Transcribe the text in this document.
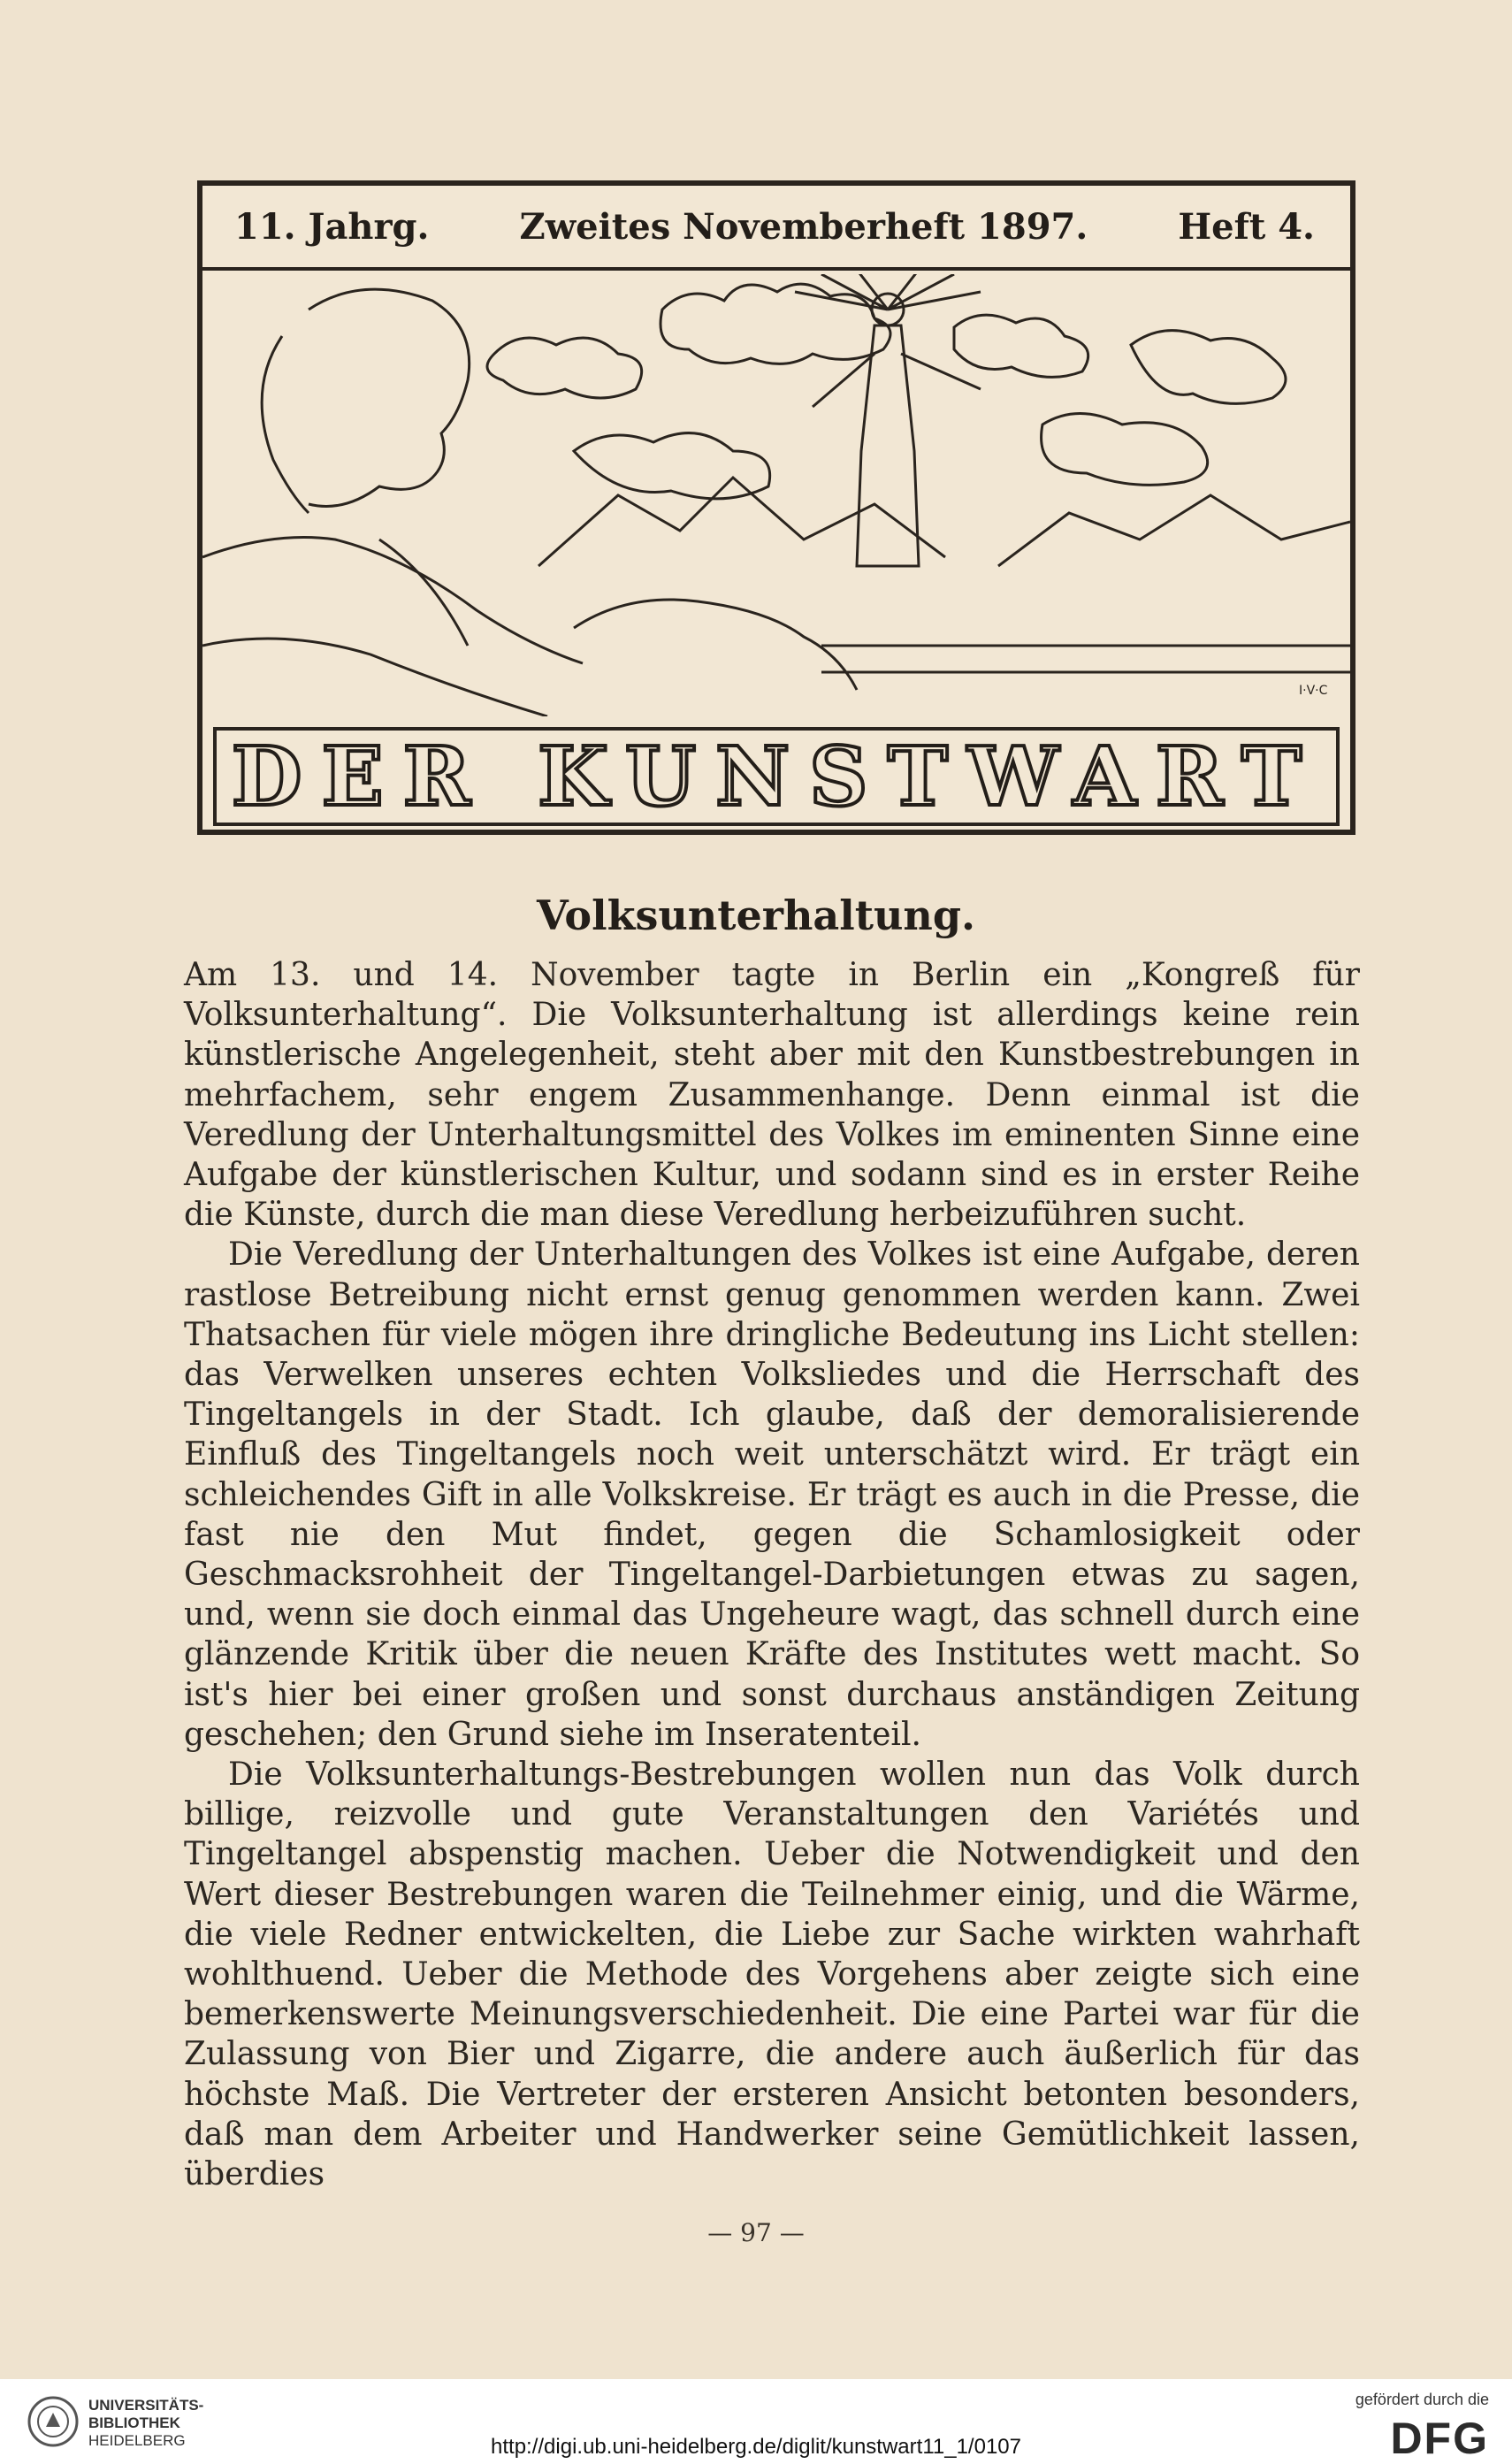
11. Jahrg.	Zweites Novemberheft 1897.	Heft 4.
I·V·C
DER KUNSTWART
Volksunterhaltung.

Am 13. und 14. November tagte in Berlin ein „Kongreß für Volksunterhaltung“. Die Volksunterhaltung ist allerdings keine rein künstlerische Angelegenheit, steht aber mit den Kunstbestrebungen in mehrfachem, sehr engem Zusammenhange. Denn einmal ist die Veredlung der Unterhaltungsmittel des Volkes im eminenten Sinne eine Aufgabe der künstlerischen Kultur, und sodann sind es in erster Reihe die Künste, durch die man diese Veredlung herbeizuführen sucht.

Die Veredlung der Unterhaltungen des Volkes ist eine Aufgabe, deren rastlose Betreibung nicht ernst genug genommen werden kann. Zwei Thatsachen für viele mögen ihre dringliche Bedeutung ins Licht stellen: das Verwelken unseres echten Volksliedes und die Herrschaft des Tingeltangels in der Stadt. Ich glaube, daß der demoralisierende Einfluß des Tingeltangels noch weit unterschätzt wird. Er trägt ein schleichendes Gift in alle Volkskreise. Er trägt es auch in die Presse, die fast nie den Mut findet, gegen die Schamlosigkeit oder Geschmacksrohheit der Tingeltangel-Darbietungen etwas zu sagen, und, wenn sie doch einmal das Ungeheure wagt, das schnell durch eine glänzende Kritik über die neuen Kräfte des Institutes wett macht. So ist's hier bei einer großen und sonst durchaus anständigen Zeitung geschehen; den Grund siehe im Inseratenteil.

Die Volksunterhaltungs-Bestrebungen wollen nun das Volk durch billige, reizvolle und gute Veranstaltungen den Variétés und Tingeltangel abspenstig machen. Ueber die Notwendigkeit und den Wert dieser Bestrebungen waren die Teilnehmer einig, und die Wärme, die viele Redner entwickelten, die Liebe zur Sache wirkten wahrhaft wohlthuend. Ueber die Methode des Vorgehens aber zeigte sich eine bemerkenswerte Meinungsverschiedenheit. Die eine Partei war für die Zulassung von Bier und Zigarre, die andere auch äußerlich für das höchste Maß. Die Vertreter der ersteren Ansicht betonten besonders, daß man dem Arbeiter und Handwerker seine Gemütlichkeit lassen, überdies

— 97 —
UNIVERSITÄTS-
BIBLIOTHEK
HEIDELBERG	http://digi.ub.uni-heidelberg.de/diglit/kunstwart11_1/0107
gefördert durch die
DFG
